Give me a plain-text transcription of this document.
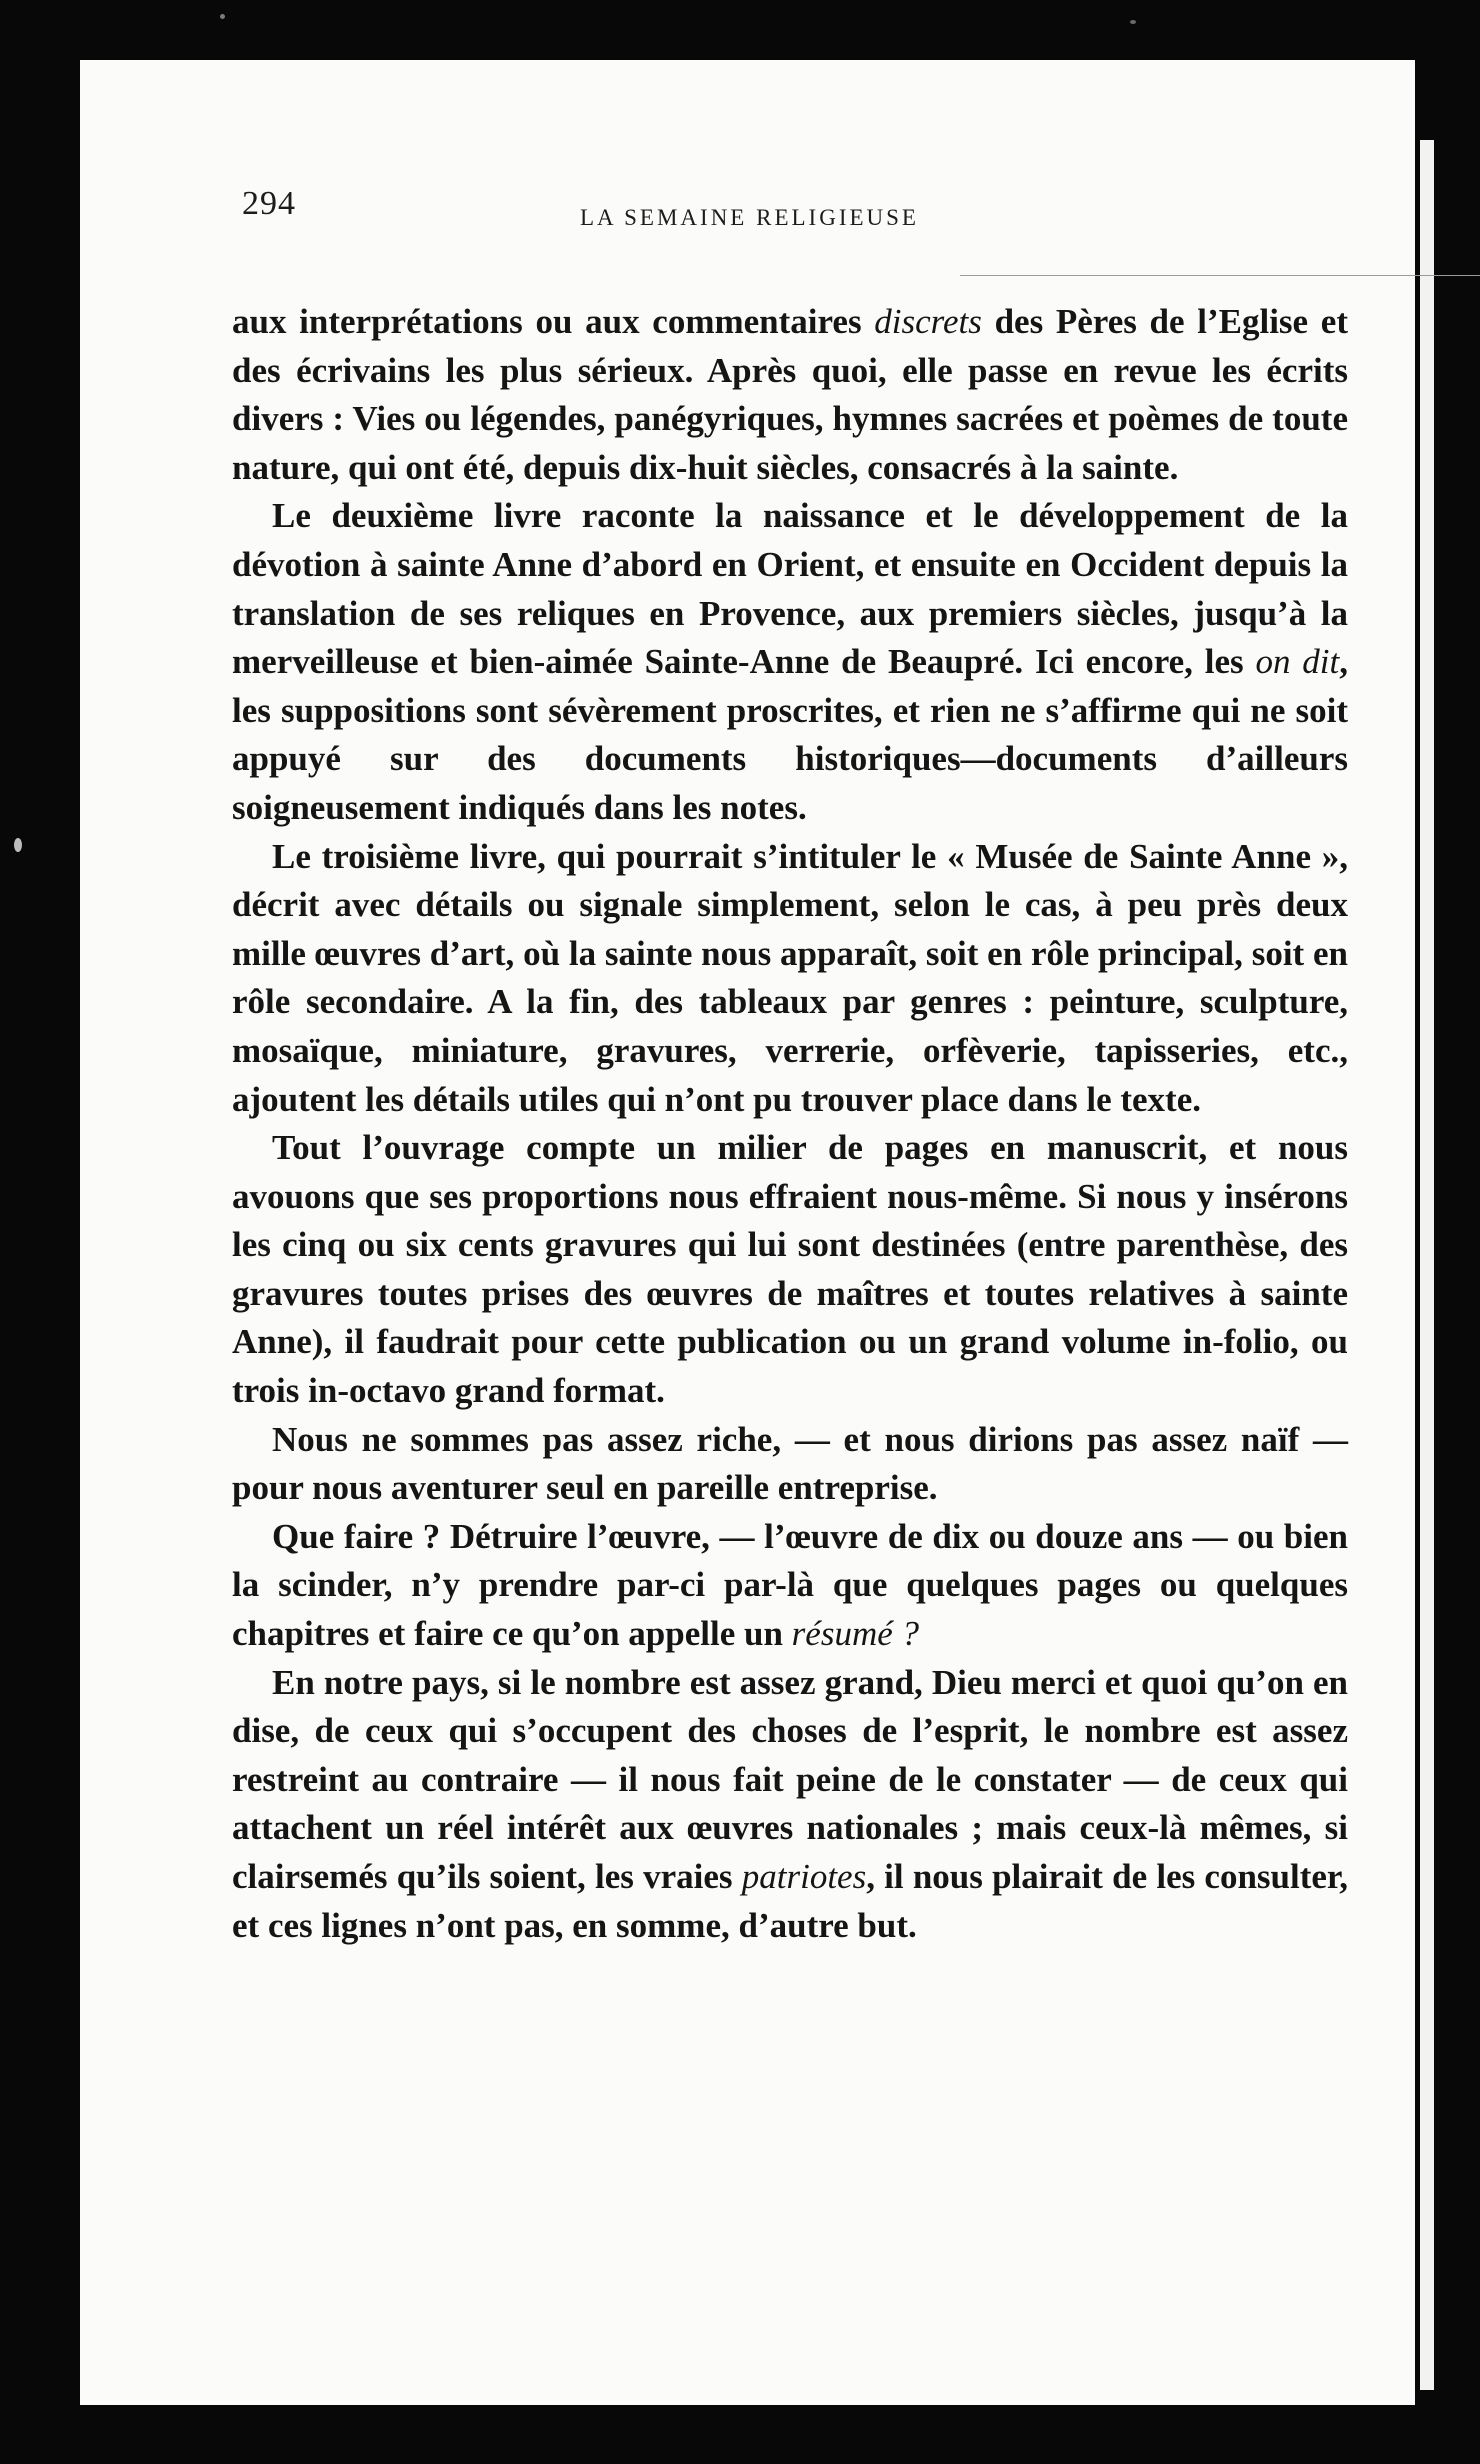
294	LA SEMAINE RELIGIEUSE

aux interprétations ou aux commentaires discrets des Pères de l’Eglise et des écrivains les plus sérieux. Après quoi, elle passe en revue les écrits divers : Vies ou légendes, panégyriques, hymnes sacrées et poèmes de toute nature, qui ont été, depuis dix-huit siècles, consacrés à la sainte.

Le deuxième livre raconte la naissance et le développement de la dévotion à sainte Anne d’abord en Orient, et ensuite en Occident depuis la translation de ses reliques en Provence, aux premiers siècles, jusqu’à la merveilleuse et bien-aimée Sainte-Anne de Beaupré. Ici encore, les on dit, les suppositions sont sévèrement proscrites, et rien ne s’affirme qui ne soit appuyé sur des documents historiques—documents d’ailleurs soigneusement indiqués dans les notes.

Le troisième livre, qui pourrait s’intituler le « Musée de Sainte Anne », décrit avec détails ou signale simplement, selon le cas, à peu près deux mille œuvres d’art, où la sainte nous apparaît, soit en rôle principal, soit en rôle secondaire. A la fin, des tableaux par genres : peinture, sculpture, mosaïque, miniature, gravures, verrerie, orfèverie, tapisseries, etc., ajoutent les détails utiles qui n’ont pu trouver place dans le texte.

Tout l’ouvrage compte un milier de pages en manuscrit, et nous avouons que ses proportions nous effraient nous-même. Si nous y insérons les cinq ou six cents gravures qui lui sont destinées (entre parenthèse, des gravures toutes prises des œuvres de maîtres et toutes relatives à sainte Anne), il faudrait pour cette publication ou un grand volume in-folio, ou trois in-octavo grand format.

Nous ne sommes pas assez riche, — et nous dirions pas assez naïf — pour nous aventurer seul en pareille entreprise.

Que faire ? Détruire l’œuvre, — l’œuvre de dix ou douze ans — ou bien la scinder, n’y prendre par-ci par-là que quelques pages ou quelques chapitres et faire ce qu’on appelle un résumé ?

En notre pays, si le nombre est assez grand, Dieu merci et quoi qu’on en dise, de ceux qui s’occupent des choses de l’esprit, le nombre est assez restreint au contraire — il nous fait peine de le constater — de ceux qui attachent un réel intérêt aux œuvres nationales ; mais ceux-là mêmes, si clairsemés qu’ils soient, les vraies patriotes, il nous plairait de les consulter, et ces lignes n’ont pas, en somme, d’autre but.
